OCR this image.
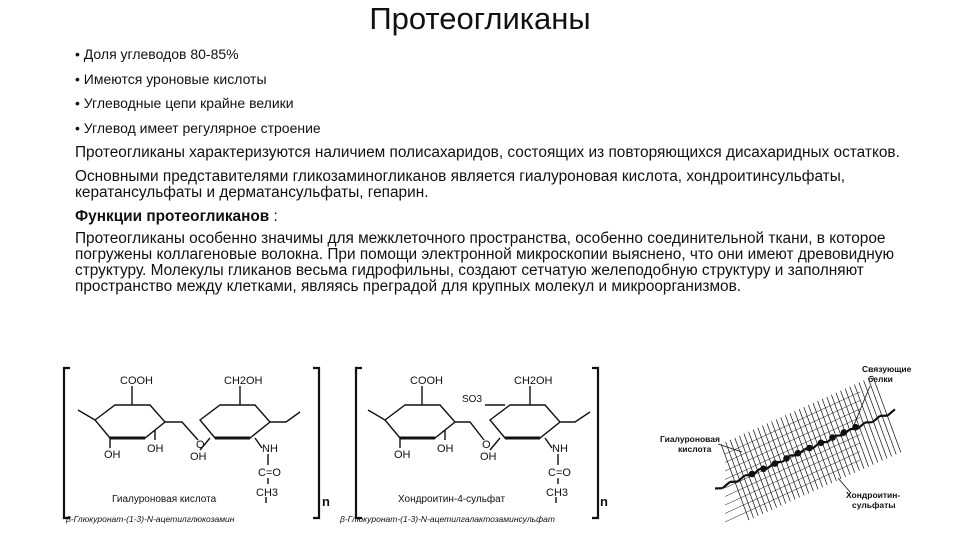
Протеогликаны
• Доля углеводов 80-85%
• Имеются уроновые кислоты
• Углеводные цепи крайне велики
• Углевод имеет регулярное строение

Протеогликаны характеризуются наличием полисахаридов, состоящих из повторяющихся дисахаридных остатков.

Основными представителями гликозаминогликанов является гиалуроновая кислота, хондроитинсульфаты, кератансульфаты и дерматансульфаты, гепарин.

Функции протеогликанов :

Протеогликаны особенно значимы для межклеточного пространства, особенно соединительной ткани, в которое погружены коллагеновые волокна. При помощи электронной микроскопии выяснено, что они имеют древовидную структуру. Молекулы гликанов весьма гидрофильны, создают сетчатую желеподобную структуру и заполняют пространство между клетками, являясь преградой для крупных молекул и микроорганизмов.

COOH	CH2OH
OH OH
OH
O	NH
C=O
CH3
Гиалуроновая кислота
β-Глюкуронат-(1-3)-N-ацетилглюкозамин
n
COOH
SO3
CH2OH
OH OH
OH
O	NH
C=O
CH3
Хондроитин-4-сульфат
β-Глюкуронат-(1-3)-N-ацетилгалактозаминсульфат
n
Связующие
белки
Гиалуроновая
кислота
Хондроитин-
сульфаты
